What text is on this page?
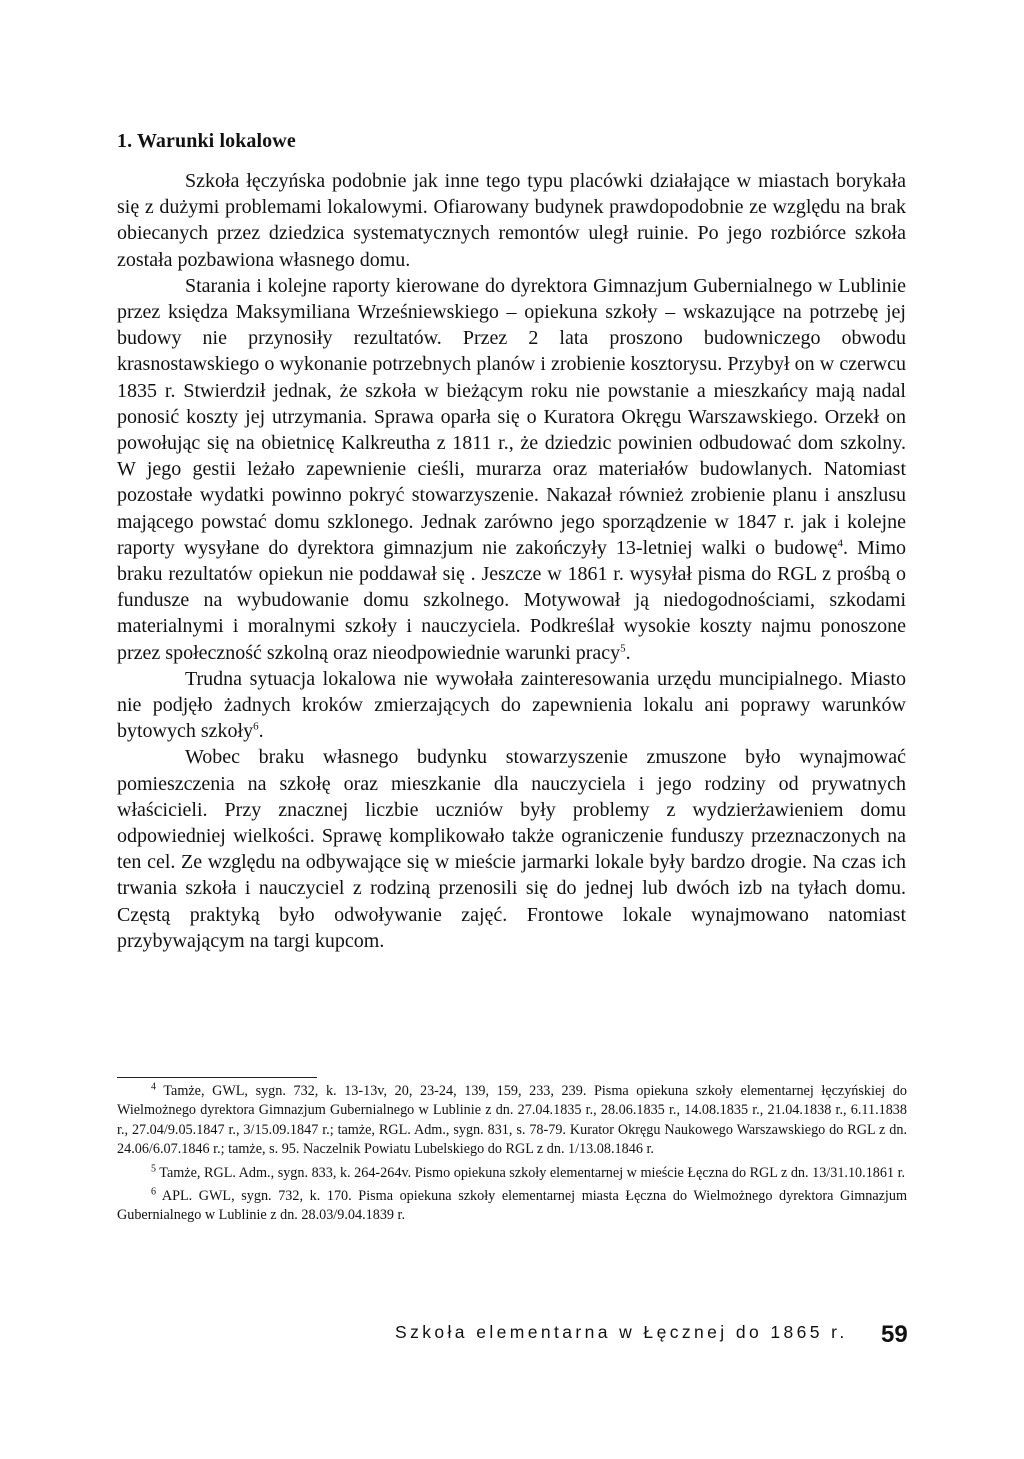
1. Warunki lokalowe

Szkoła łęczyńska podobnie jak inne tego typu placówki działające w miastach borykała się z dużymi problemami lokalowymi. Ofiarowany budynek prawdopodobnie ze względu na brak obiecanych przez dziedzica systematycznych remontów uległ ruinie. Po jego rozbiórce szkoła została pozbawiona własnego domu.

Starania i kolejne raporty kierowane do dyrektora Gimnazjum Gubernialnego w Lublinie przez księdza Maksymiliana Wrześniewskiego – opiekuna szkoły – wskazujące na potrzebę jej budowy nie przynosiły rezultatów. Przez 2 lata proszono budowniczego obwodu krasnostawskiego o wykonanie potrzebnych planów i zrobienie kosztorysu. Przybył on w czerwcu 1835 r. Stwierdził jednak, że szkoła w bieżącym roku nie powstanie a mieszkańcy mają nadal ponosić koszty jej utrzymania. Sprawa oparła się o Kuratora Okręgu Warszawskiego. Orzekł on powołując się na obietnicę Kalkreutha z 1811 r., że dziedzic powinien odbudować dom szkolny. W jego gestii leżało zapewnienie cieśli, murarza oraz materiałów budowlanych. Natomiast pozostałe wydatki powinno pokryć stowarzyszenie. Nakazał również zrobienie planu i anszlusu mającego powstać domu szklonego. Jednak zarówno jego sporządzenie w 1847 r. jak i kolejne raporty wysyłane do dyrektora gimnazjum nie zakończyły 13-letniej walki o budowę$^4$. Mimo braku rezultatów opiekun nie poddawał się . Jeszcze w 1861 r. wysyłał pisma do RGL z prośbą o fundusze na wybudowanie domu szkolnego. Motywował ją niedogodnościami, szkodami materialnymi i moralnymi szkoły i nauczyciela. Podkreślał wysokie koszty najmu ponoszone przez społeczność szkolną oraz nieodpowiednie warunki pracy$^5$.

Trudna sytuacja lokalowa nie wywołała zainteresowania urzędu muncipialnego. Miasto nie podjęło żadnych kroków zmierzających do zapewnienia lokalu ani poprawy warunków bytowych szkoły$^6$.

Wobec braku własnego budynku stowarzyszenie zmuszone było wynajmować pomieszczenia na szkołę oraz mieszkanie dla nauczyciela i jego rodziny od prywatnych właścicieli. Przy znacznej liczbie uczniów były problemy z wydzierżawieniem domu odpowiedniej wielkości. Sprawę komplikowało także ograniczenie funduszy przeznaczonych na ten cel. Ze względu na odbywające się w mieście jarmarki lokale były bardzo drogie. Na czas ich trwania szkoła i nauczyciel z rodziną przenosili się do jednej lub dwóch izb na tyłach domu. Częstą praktyką było odwoływanie zajęć. Frontowe lokale wynajmowano natomiast przybywającym na targi kupcom.

$^4$ Tamże, GWL, sygn. 732, k. 13-13v, 20, 23-24, 139, 159, 233, 239. Pisma opiekuna szkoły elementarnej łęczyńskiej do Wielmożnego dyrektora Gimnazjum Gubernialnego w Lublinie z dn. 27.04.1835 r., 28.06.1835 r., 14.08.1835 r., 21.04.1838 r., 6.11.1838 r., 27.04/9.05.1847 r., 3/15.09.1847 r.; tamże, RGL. Adm., sygn. 831, s. 78-79. Kurator Okręgu Naukowego Warszawskiego do RGL z dn. 24.06/6.07.1846 r.; tamże, s. 95. Naczelnik Powiatu Lubelskiego do RGL z dn. 1/13.08.1846 r.

$^5$ Tamże, RGL. Adm., sygn. 833, k. 264-264v. Pismo opiekuna szkoły elementarnej w mieście Łęczna do RGL z dn. 13/31.10.1861 r.

$^6$ APL. GWL, sygn. 732, k. 170. Pisma opiekuna szkoły elementarnej miasta Łęczna do Wielmożnego dyrektora Gimnazjum Gubernialnego w Lublinie z dn. 28.03/9.04.1839 r.

Szkoła elementarna w Łęcznej do 1865 r. 59
